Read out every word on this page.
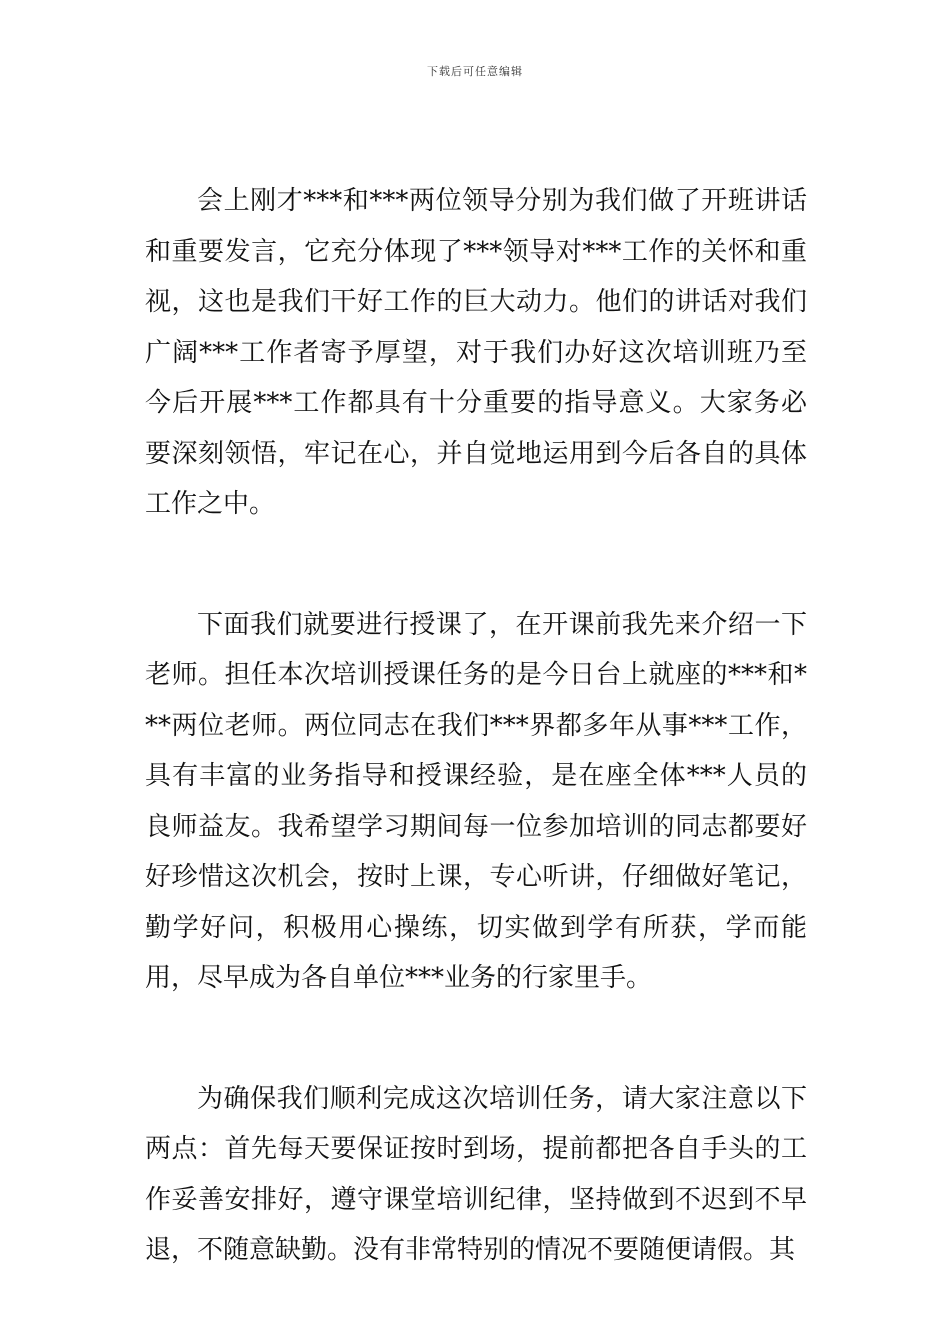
下载后可任意编辑

会上刚才***和***两位领导分别为我们做了开班讲话和重要发言，它充分体现了***领导对***工作的关怀和重视，这也是我们干好工作的巨大动力。他们的讲话对我们广阔***工作者寄予厚望，对于我们办好这次培训班乃至今后开展***工作都具有十分重要的指导意义。大家务必要深刻领悟，牢记在心，并自觉地运用到今后各自的具体工作之中。

下面我们就要进行授课了，在开课前我先来介绍一下老师。担任本次培训授课任务的是今日台上就座的***和***两位老师。两位同志在我们***界都多年从事***工作，具有丰富的业务指导和授课经验，是在座全体***人员的良师益友。我希望学习期间每一位参加培训的同志都要好好珍惜这次机会，按时上课，专心听讲，仔细做好笔记，勤学好问，积极用心操练，切实做到学有所获，学而能用，尽早成为各自单位***业务的行家里手。

为确保我们顺利完成这次培训任务，请大家注意以下两点：首先每天要保证按时到场，提前都把各自手头的工作妥善安排好，遵守课堂培训纪律，坚持做到不迟到不早退，不随意缺勤。没有非常特别的情况不要随便请假。其
